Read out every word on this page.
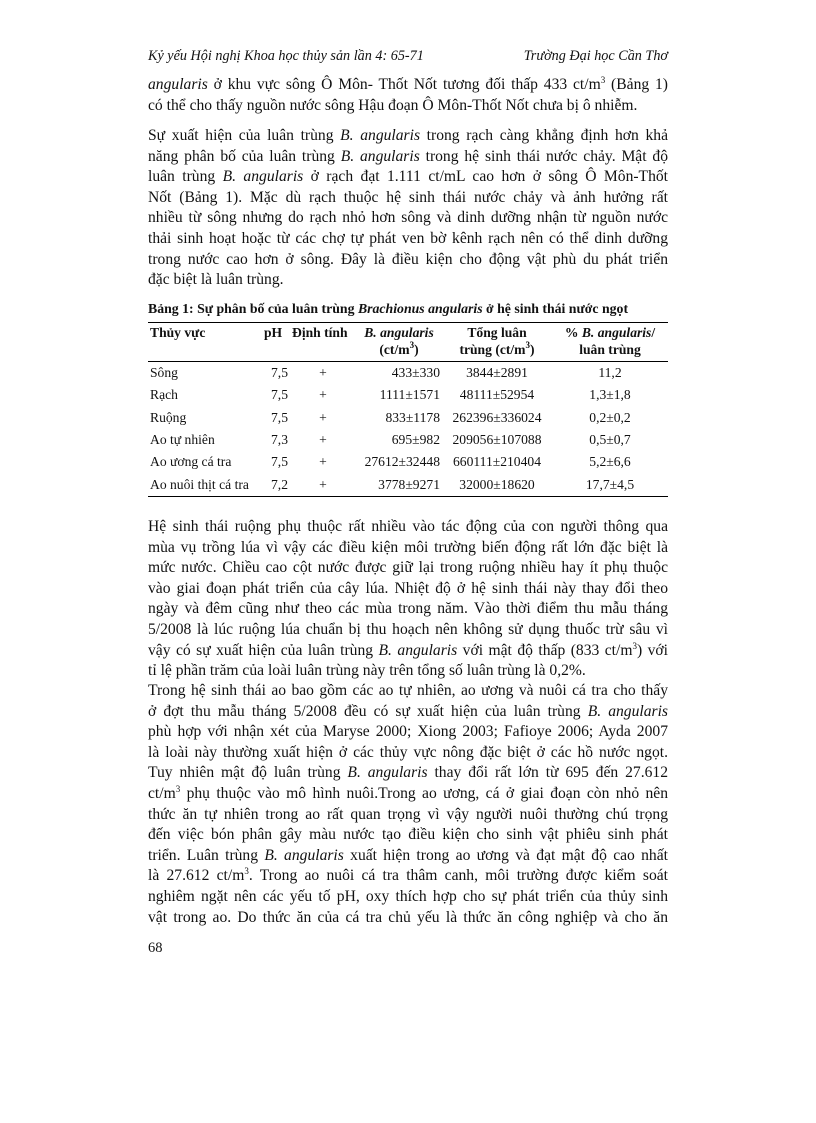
Kỷ yếu Hội nghị Khoa học thủy sản lần 4: 65-71	Trường Đại học Cần Thơ
angularis ở khu vực sông Ô Môn- Thốt Nốt tương đối thấp 433 $ct/m^3$ (Bảng 1)
có thể cho thấy nguồn nước sông Hậu đoạn Ô Môn-Thốt Nốt chưa bị ô nhiễm.
Sự xuất hiện của luân trùng B. angularis trong rạch càng khẳng định hơn khả
năng phân bố của luân trùng B. angularis trong hệ sinh thái nước chảy. Mật độ
luân trùng B. angularis ở rạch đạt 1.111 ct/mL cao hơn ở sông Ô Môn-Thốt
Nốt (Bảng 1). Mặc dù rạch thuộc hệ sinh thái nước chảy và ảnh hưởng rất
nhiều từ sông nhưng do rạch nhỏ hơn sông và dinh dưỡng nhận từ nguồn nước
thải sinh hoạt hoặc từ các chợ tự phát ven bờ kênh rạch nên có thể dinh dưỡng
trong nước cao hơn ở sông. Đây là điều kiện cho động vật phù du phát triển
đặc biệt là luân trùng.
Bảng 1: Sự phân bố của luân trùng Brachionus angularis ở hệ sinh thái nước ngọt
Thủy vực	pH	Định tính	B. angularis
$(ct/m^3)$	Tổng luân
trùng $(ct/m^3)$	% B. angularis/
luân trùng
Sông	7,5	+	433±330	3844±2891	11,2
Rạch	7,5	+	1111±1571	48111±52954	1,3±1,8
Ruộng	7,5	+	833±1178	262396±336024	0,2±0,2
Ao tự nhiên	7,3	+	695±982	209056±107088	0,5±0,7
Ao ương cá tra	7,5	+	27612±32448	660111±210404	5,2±6,6
Ao nuôi thịt cá tra	7,2	+	3778±9271	32000±18620	17,7±4,5
Hệ sinh thái ruộng phụ thuộc rất nhiều vào tác động của con người thông qua
mùa vụ trồng lúa vì vậy các điều kiện môi trường biến động rất lớn đặc biệt là
mức nước. Chiều cao cột nước được giữ lại trong ruộng nhiều hay ít phụ thuộc
vào giai đoạn phát triển của cây lúa. Nhiệt độ ở hệ sinh thái này thay đổi theo
ngày và đêm cũng như theo các mùa trong năm. Vào thời điểm thu mẫu tháng
5/2008 là lúc ruộng lúa chuẩn bị thu hoạch nên không sử dụng thuốc trừ sâu vì
vậy có sự xuất hiện của luân trùng B. angularis với mật độ thấp (833 $ct/m^3$) với
tỉ lệ phần trăm của loài luân trùng này trên tổng số luân trùng là 0,2%.
Trong hệ sinh thái ao bao gồm các ao tự nhiên, ao ương và nuôi cá tra cho thấy
ở đợt thu mẫu tháng 5/2008 đều có sự xuất hiện của luân trùng B. angularis
phù hợp với nhận xét của Maryse 2000; Xiong 2003; Fafioye 2006; Ayda 2007
là loài này thường xuất hiện ở các thủy vực nông đặc biệt ở các hồ nước ngọt.
Tuy nhiên mật độ luân trùng B. angularis thay đổi rất lớn từ 695 đến 27.612
$ct/m^3$ phụ thuộc vào mô hình nuôi.Trong ao ương, cá ở giai đoạn còn nhỏ nên
thức ăn tự nhiên trong ao rất quan trọng vì vậy người nuôi thường chú trọng
đến việc bón phân gây màu nước tạo điều kiện cho sinh vật phiêu sinh phát
triển. Luân trùng B. angularis xuất hiện trong ao ương và đạt mật độ cao nhất
là 27.612 $ct/m^3$. Trong ao nuôi cá tra thâm canh, môi trường được kiểm soát
nghiêm ngặt nên các yếu tố pH, oxy thích hợp cho sự phát triển của thủy sinh
vật trong ao. Do thức ăn của cá tra chủ yếu là thức ăn công nghiệp và cho ăn
68
